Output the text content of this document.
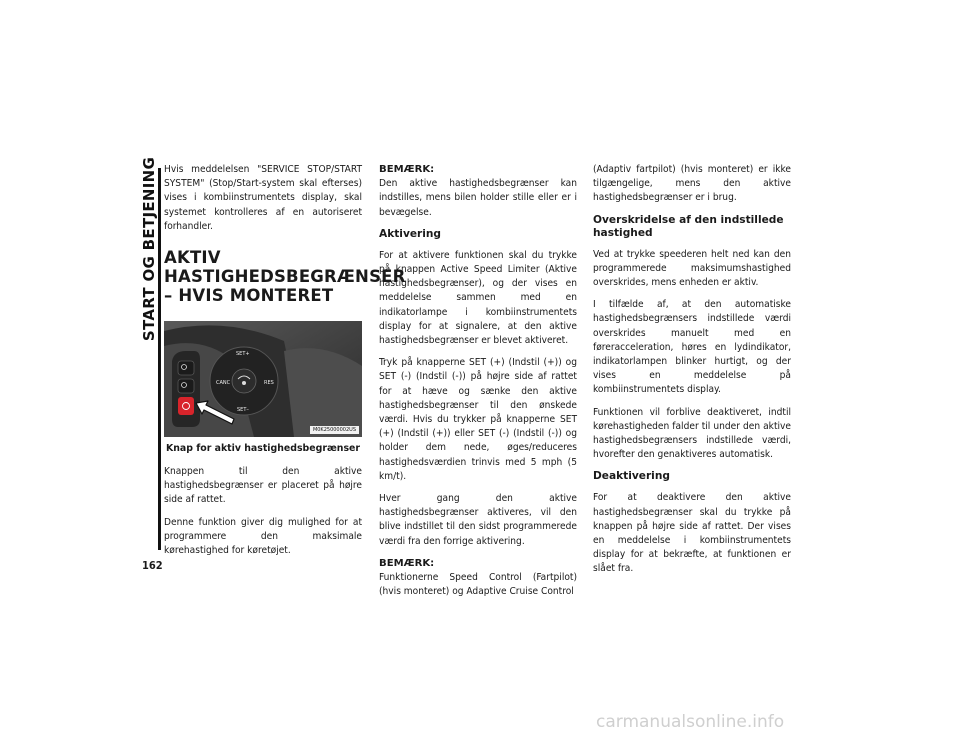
START OG BETJENING
162

Hvis meddelelsen "SERVICE STOP/START SYSTEM" (Stop/Start-system skal efterses) vises i kombiinstrumentets display, skal systemet kontrolleres af en autoriseret forhandler.

AKTIV HASTIGHEDSBEGRÆNSER – HVIS MONTERET
SET+
CANC	RES
SET–
M0K25000002US
Knap for aktiv hastighedsbegrænser

Knappen til den aktive hastighedsbegrænser er placeret på højre side af rattet.

Denne funktion giver dig mulighed for at programmere den maksimale kørehastighed for køretøjet.

BEMÆRK:

Den aktive hastighedsbegrænser kan indstilles, mens bilen holder stille eller er i bevægelse.

Aktivering

For at aktivere funktionen skal du trykke på knappen Active Speed Limiter (Aktive hastighedsbegrænser), og der vises en meddelelse sammen med en indikatorlampe i kombiinstrumentets display for at signalere, at den aktive hastighedsbegrænser er blevet aktiveret.

Tryk på knapperne SET (+) (Indstil (+)) og SET (-) (Indstil (-)) på højre side af rattet for at hæve og sænke den aktive hastighedsbegrænser til den ønskede værdi. Hvis du trykker på knapperne SET (+) (Indstil (+)) eller SET (-) (Indstil (-)) og holder dem nede, øges/reduceres hastighedsværdien trinvis med 5 mph (5 km/t).

Hver gang den aktive hastighedsbegrænser aktiveres, vil den blive indstillet til den sidst programmerede værdi fra den forrige aktivering.

BEMÆRK:

Funktionerne Speed Control (Fartpilot) (hvis monteret) og Adaptive Cruise Control

(Adaptiv fartpilot) (hvis monteret) er ikke tilgængelige, mens den aktive hastighedsbegrænser er i brug.

Overskridelse af den indstillede hastighed

Ved at trykke speederen helt ned kan den programmerede maksimumshastighed overskrides, mens enheden er aktiv.

I tilfælde af, at den automatiske hastighedsbegrænsers indstillede værdi overskrides manuelt med en føreracceleration, høres en lydindikator, indikatorlampen blinker hurtigt, og der vises en meddelelse på kombiinstrumentets display.

Funktionen vil forblive deaktiveret, indtil kørehastigheden falder til under den aktive hastighedsbegrænsers indstillede værdi, hvorefter den genaktiveres automatisk.

Deaktivering

For at deaktivere den aktive hastighedsbegrænser skal du trykke på knappen på højre side af rattet. Der vises en meddelelse i kombiinstrumentets display for at bekræfte, at funktionen er slået fra.

carmanualsonline.info
